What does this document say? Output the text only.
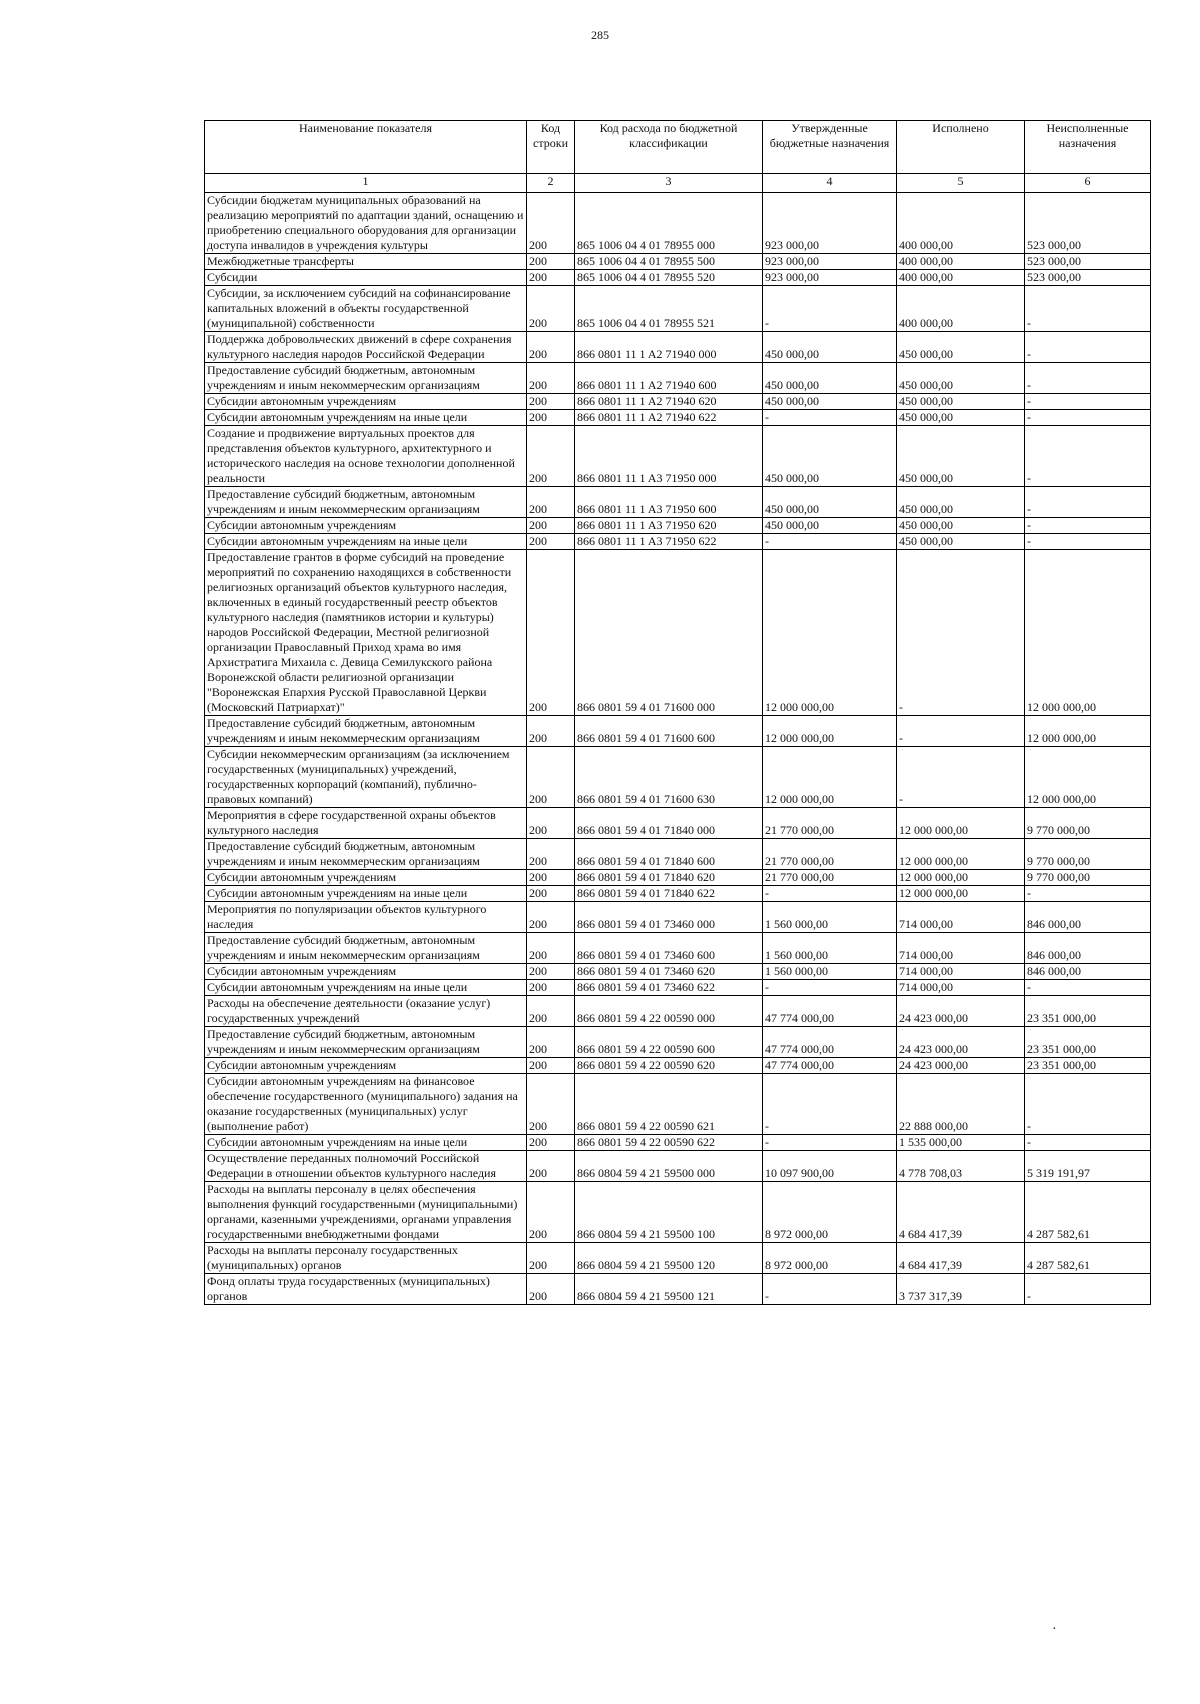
285
Наименование показателя	Код строки	Код расхода по бюджетной классификации	Утвержденные бюджетные назначения	Исполнено	Неисполненные назначения
1	2	3	4	5	6
Субсидии бюджетам муниципальных образований на реализацию мероприятий по адаптации зданий, оснащению и приобретению специального оборудования для организации доступа инвалидов в учреждения культуры	200	865 1006 04 4 01 78955 000	923 000,00	400 000,00	523 000,00
Межбюджетные трансферты	200	865 1006 04 4 01 78955 500	923 000,00	400 000,00	523 000,00
Субсидии	200	865 1006 04 4 01 78955 520	923 000,00	400 000,00	523 000,00
Субсидии, за исключением субсидий на софинансирование капитальных вложений в объекты государственной (муниципальной) собственности	200	865 1006 04 4 01 78955 521	-	400 000,00	-
Поддержка добровольческих движений в сфере сохранения культурного наследия народов Российской Федерации	200	866 0801 11 1 A2 71940 000	450 000,00	450 000,00	-
Предоставление субсидий бюджетным, автономным учреждениям и иным некоммерческим организациям	200	866 0801 11 1 A2 71940 600	450 000,00	450 000,00	-
Субсидии автономным учреждениям	200	866 0801 11 1 A2 71940 620	450 000,00	450 000,00	-
Субсидии автономным учреждениям на иные цели	200	866 0801 11 1 A2 71940 622	-	450 000,00	-
Создание и продвижение виртуальных проектов для представления объектов культурного, архитектурного и исторического наследия на основе технологии дополненной реальности	200	866 0801 11 1 A3 71950 000	450 000,00	450 000,00	-
Предоставление субсидий бюджетным, автономным учреждениям и иным некоммерческим организациям	200	866 0801 11 1 A3 71950 600	450 000,00	450 000,00	-
Субсидии автономным учреждениям	200	866 0801 11 1 A3 71950 620	450 000,00	450 000,00	-
Субсидии автономным учреждениям на иные цели	200	866 0801 11 1 A3 71950 622	-	450 000,00	-
Предоставление грантов в форме субсидий на проведение мероприятий по сохранению находящихся в собственности религиозных организаций объектов культурного наследия, включенных в единый государственный реестр объектов культурного наследия (памятников истории и культуры) народов Российской Федерации, Местной религиозной организации Православный Приход храма во имя Архистратига Михаила с. Девица Семилукского района Воронежской области религиозной организации "Воронежская Епархия Русской Православной Церкви (Московский Патриархат)"	200	866 0801 59 4 01 71600 000	12 000 000,00	-	12 000 000,00
Предоставление субсидий бюджетным, автономным учреждениям и иным некоммерческим организациям	200	866 0801 59 4 01 71600 600	12 000 000,00	-	12 000 000,00
Субсидии некоммерческим организациям (за исключением государственных (муниципальных) учреждений, государственных корпораций (компаний), публично-правовых компаний)	200	866 0801 59 4 01 71600 630	12 000 000,00	-	12 000 000,00
Мероприятия в сфере государственной охраны объектов культурного наследия	200	866 0801 59 4 01 71840 000	21 770 000,00	12 000 000,00	9 770 000,00
Предоставление субсидий бюджетным, автономным учреждениям и иным некоммерческим организациям	200	866 0801 59 4 01 71840 600	21 770 000,00	12 000 000,00	9 770 000,00
Субсидии автономным учреждениям	200	866 0801 59 4 01 71840 620	21 770 000,00	12 000 000,00	9 770 000,00
Субсидии автономным учреждениям на иные цели	200	866 0801 59 4 01 71840 622	-	12 000 000,00	-
Мероприятия по популяризации объектов культурного наследия	200	866 0801 59 4 01 73460 000	1 560 000,00	714 000,00	846 000,00
Предоставление субсидий бюджетным, автономным учреждениям и иным некоммерческим организациям	200	866 0801 59 4 01 73460 600	1 560 000,00	714 000,00	846 000,00
Субсидии автономным учреждениям	200	866 0801 59 4 01 73460 620	1 560 000,00	714 000,00	846 000,00
Субсидии автономным учреждениям на иные цели	200	866 0801 59 4 01 73460 622	-	714 000,00	-
Расходы на обеспечение деятельности (оказание услуг) государственных учреждений	200	866 0801 59 4 22 00590 000	47 774 000,00	24 423 000,00	23 351 000,00
Предоставление субсидий бюджетным, автономным учреждениям и иным некоммерческим организациям	200	866 0801 59 4 22 00590 600	47 774 000,00	24 423 000,00	23 351 000,00
Субсидии автономным учреждениям	200	866 0801 59 4 22 00590 620	47 774 000,00	24 423 000,00	23 351 000,00
Субсидии автономным учреждениям на финансовое обеспечение государственного (муниципального) задания на оказание государственных (муниципальных) услуг (выполнение работ)	200	866 0801 59 4 22 00590 621	-	22 888 000,00	-
Субсидии автономным учреждениям на иные цели	200	866 0801 59 4 22 00590 622	-	1 535 000,00	-
Осуществление переданных полномочий Российской Федерации в отношении объектов культурного наследия	200	866 0804 59 4 21 59500 000	10 097 900,00	4 778 708,03	5 319 191,97
Расходы на выплаты персоналу в целях обеспечения выполнения функций государственными (муниципальными) органами, казенными учреждениями, органами управления государственными внебюджетными фондами	200	866 0804 59 4 21 59500 100	8 972 000,00	4 684 417,39	4 287 582,61
Расходы на выплаты персоналу государственных (муниципальных) органов	200	866 0804 59 4 21 59500 120	8 972 000,00	4 684 417,39	4 287 582,61
Фонд оплаты труда государственных (муниципальных) органов	200	866 0804 59 4 21 59500 121	-	3 737 317,39	-
·
